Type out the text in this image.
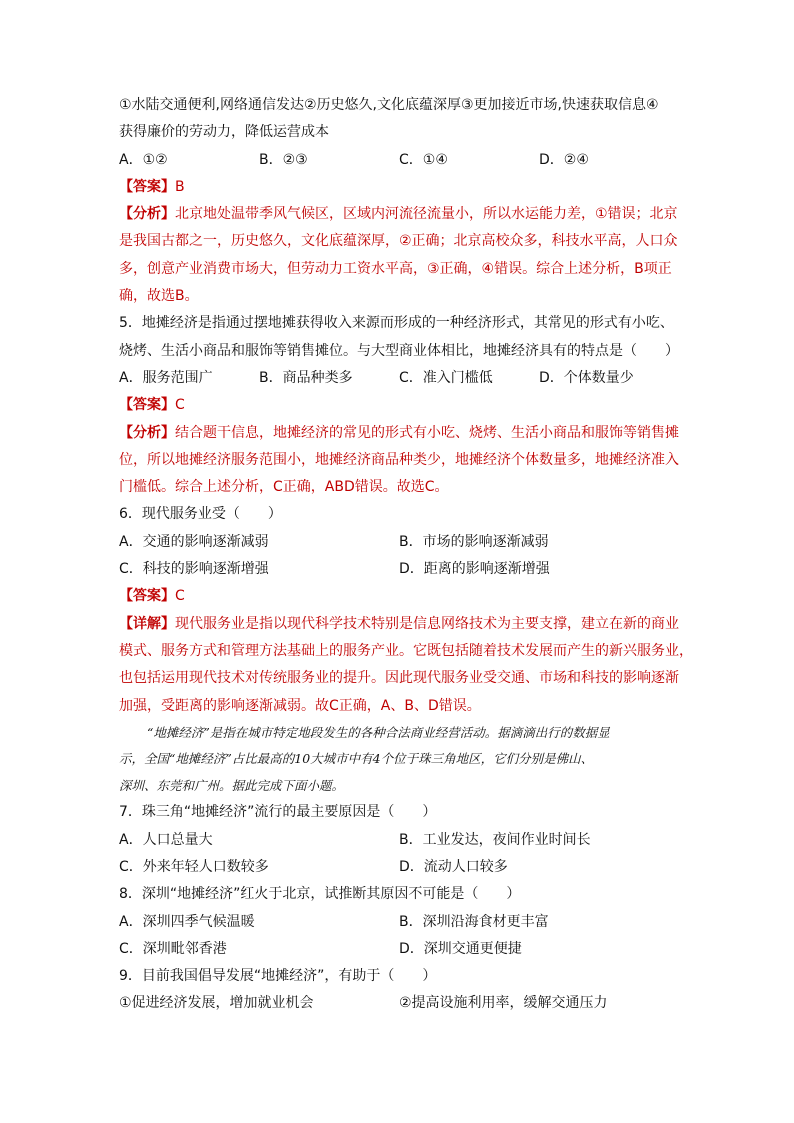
①水陆交通便利,网络通信发达②历史悠久,文化底蕴深厚③更加接近市场,快速获取信息④
获得廉价的劳动力，降低运营成本
A．①②	B．②③	C．①④	D．②④
【答案】B
【分析】北京地处温带季风气候区，区域内河流径流量小，所以水运能力差，①错误；北京
是我国古都之一，历史悠久，文化底蕴深厚，②正确；北京高校众多，科技水平高，人口众
多，创意产业消费市场大，但劳动力工资水平高，③正确，④错误。综合上述分析，B项正
确，故选B。
5．地摊经济是指通过摆地摊获得收入来源而形成的一种经济形式，其常见的形式有小吃、
烧烤、生活小商品和服饰等销售摊位。与大型商业体相比，地摊经济具有的特点是（　　）
A．服务范围广	B．商品种类多	C．准入门槛低	D．个体数量少
【答案】C
【分析】结合题干信息，地摊经济的常见的形式有小吃、烧烤、生活小商品和服饰等销售摊
位，所以地摊经济服务范围小，地摊经济商品种类少，地摊经济个体数量多，地摊经济准入
门槛低。综合上述分析，C正确，ABD错误。故选C。
6．现代服务业受（　　）
A．交通的影响逐渐减弱	B．市场的影响逐渐减弱
C．科技的影响逐渐增强	D．距离的影响逐渐增强
【答案】C
【详解】现代服务业是指以现代科学技术特别是信息网络技术为主要支撑，建立在新的商业
模式、服务方式和管理方法基础上的服务产业。它既包括随着技术发展而产生的新兴服务业，
也包括运用现代技术对传统服务业的提升。因此现代服务业受交通、市场和科技的影响逐渐
加强，受距离的影响逐渐减弱。故C正确，A、B、D错误。
“地摊经济”是指在城市特定地段发生的各种合法商业经营活动。据滴滴出行的数据显
示，全国“地摊经济”占比最高的10大城市中有4个位于珠三角地区，它们分别是佛山、
深圳、东莞和广州。据此完成下面小题。
7．珠三角“地摊经济”流行的最主要原因是（　　）
A．人口总量大	B．工业发达，夜间作业时间长
C．外来年轻人口数较多	D．流动人口较多
8．深圳“地摊经济”红火于北京，试推断其原因不可能是（　　）
A．深圳四季气候温暖	B．深圳沿海食材更丰富
C．深圳毗邻香港	D．深圳交通更便捷
9．目前我国倡导发展“地摊经济”，有助于（　　）
①促进经济发展，增加就业机会	②提高设施利用率，缓解交通压力
